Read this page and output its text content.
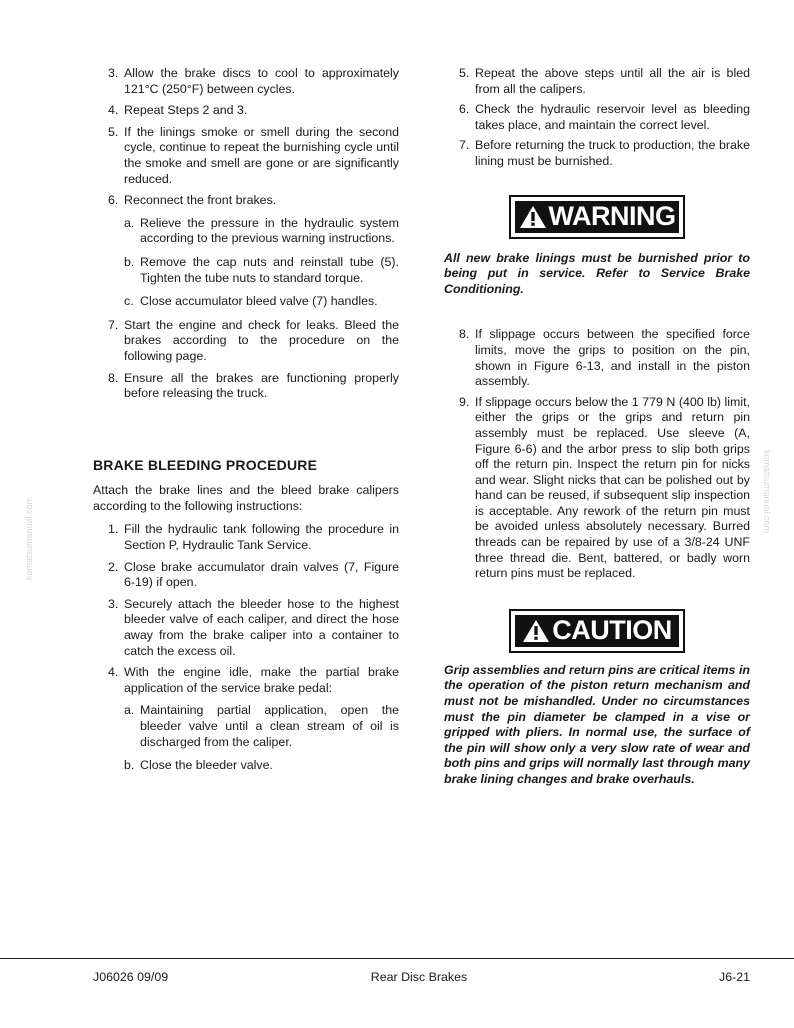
komatsumanual.com
komatsumanual.com
3. Allow the brake discs to cool to approximately 121°C (250°F) between cycles.
4. Repeat Steps 2 and 3.
5. If the linings smoke or smell during the second cycle, continue to repeat the burnishing cycle until the smoke and smell are gone or are significantly reduced.
6. Reconnect the front brakes.
a. Relieve the pressure in the hydraulic system according to the previous warning instructions.
b. Remove the cap nuts and reinstall tube (5). Tighten the tube nuts to standard torque.
c. Close accumulator bleed valve (7) handles.
7. Start the engine and check for leaks. Bleed the brakes according to the procedure on the following page.
8. Ensure all the brakes are functioning properly before releasing the truck.
BRAKE BLEEDING PROCEDURE

Attach the brake lines and the bleed brake calipers according to the following instructions:

1. Fill the hydraulic tank following the procedure in Section P, Hydraulic Tank Service.
2. Close brake accumulator drain valves (7, Figure 6-19) if open.
3. Securely attach the bleeder hose to the highest bleeder valve of each caliper, and direct the hose away from the brake caliper into a container to catch the excess oil.
4. With the engine idle, make the partial brake application of the service brake pedal:
a. Maintaining partial application, open the bleeder valve until a clean stream of oil is discharged from the caliper.
b. Close the bleeder valve.
5. Repeat the above steps until all the air is bled from all the calipers.
6. Check the hydraulic reservoir level as bleeding takes place, and maintain the correct level.
7. Before returning the truck to production, the brake lining must be burnished.
WARNING

All new brake linings must be burnished prior to being put in service. Refer to Service Brake Conditioning.

8. If slippage occurs between the specified force limits, move the grips to position on the pin, shown in Figure 6-13, and install in the piston assembly.
9. If slippage occurs below the 1 779 N (400 lb) limit, either the grips or the grips and return pin assembly must be replaced. Use sleeve (A, Figure 6-6) and the arbor press to slip both grips off the return pin. Inspect the return pin for nicks and wear. Slight nicks that can be polished out by hand can be reused, if subsequent slip inspection is acceptable. Any rework of the return pin must be avoided unless absolutely necessary. Burred threads can be repaired by use of a 3/8-24 UNF three thread die. Bent, battered, or badly worn return pins must be replaced.
CAUTION

Grip assemblies and return pins are critical items in the operation of the piston return mechanism and must not be mishandled. Under no circumstances must the pin diameter be clamped in a vise or gripped with pliers. In normal use, the surface of the pin will show only a very slow rate of wear and both pins and grips will normally last through many brake lining changes and brake overhauls.

J06026 09/09	Rear Disc Brakes	J6-21
